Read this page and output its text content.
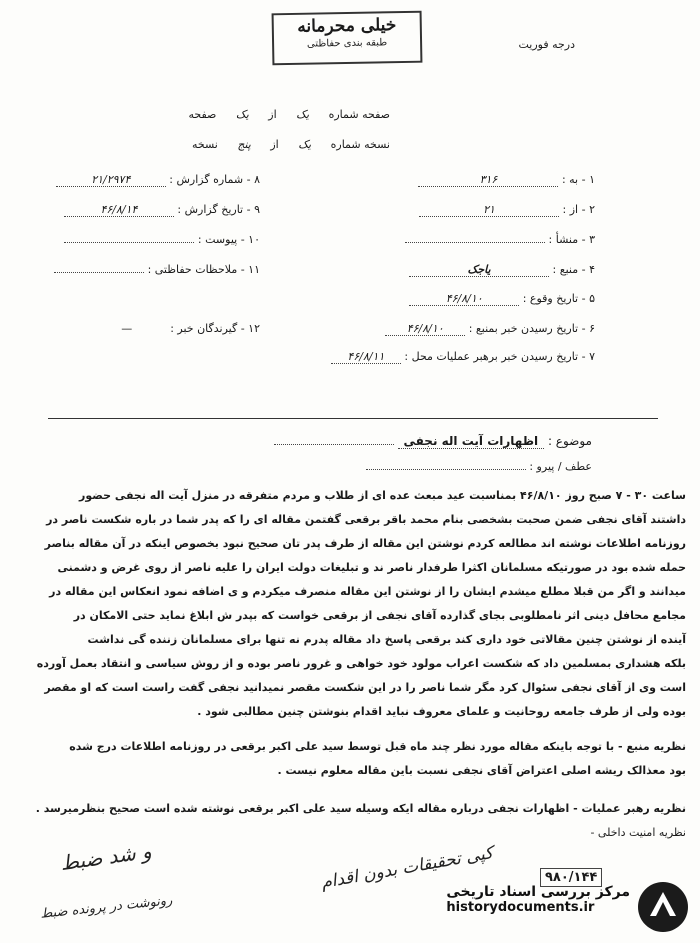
خیلی محرمانه
طبقه بندی حفاظتی	درجه فوریت
صفحه شماره یک از یک صفحه
نسخه شماره یک از پنج نسخه
۱ - به : ۳۱۶
۲ - از : ۲۱
۳ - منشأ :
۴ - منبع : یاجک
۵ - تاریخ وقوع : ۴۶/۸/۱۰
۶ - تاریخ رسیدن خبر بمنبع : ۴۶/۸/۱۰
۷ - تاریخ رسیدن خبر برهبر عملیات محل : ۴۶/۸/۱۱
۸ - شماره گزارش : ۲۱/۲۹۷۴
۹ - تاریخ گزارش : ۴۶/۸/۱۴
۱۰ - پیوست :
۱۱ - ملاحظات حفاظتی :
۱۲ - گیرندگان خبر : —
موضوع : اظهارات آیت اله نجفی
عطف / پیرو :
ساعت ۳۰ - ۷ صبح روز ۴۶/۸/۱۰ بمناسبت عید مبعث عده ای از طلاب و مردم متفرقه در منزل آیت اله نجفی حضور
داشتند آقای نجفی ضمن صحبت بشخصی بنام محمد باقر برقعی گفتمن مقاله ای را که پدر شما در باره شکست ناصر در
روزنامه اطلاعات نوشته اند مطالعه کردم نوشتن این مقاله از طرف پدر تان صحیح نبود بخصوص اینکه در آن مقاله بناصر
حمله شده بود در صورتیکه مسلمانان اکثرا طرفدار ناصر ند و تبلیغات دولت ایران را علیه ناصر از روی غرض و دشمنی
میدانند و اگر من قبلا مطلع میشدم ایشان را از نوشتن این مقاله منصرف میکردم و ی اضافه نمود انعکاس این مقاله در
مجامع محافل دینی اثر نامطلوبی بجای گذارده آقای نجفی از برقعی خواست که بپدر ش ابلاغ نماید حتی الامکان در
آینده از نوشتن چنین مقالاتی خود داری کند برقعی پاسخ داد مقاله پدرم نه تنها برای مسلمانان زننده گی نداشت
بلکه هشداری بمسلمین داد که شکست اعراب مولود خود خواهی و غرور ناصر بوده و از روش سیاسی و انتقاد بعمل آورده
است وی از آقای نجفی سئوال کرد مگر شما ناصر را در این شکست مقصر نمیدانید نجفی گفت راست است که او مقصر
بوده ولی از طرف جامعه روحانیت و علمای معروف نباید اقدام بنوشتن چنین مطالبی شود .
نظریه منبع - با توجه باینکه مقاله مورد نظر چند ماه قبل توسط سید علی اکبر برقعی در روزنامه اطلاعات درج شده
بود معذالک ریشه اصلی اعتراض آقای نجفی نسبت باین مقاله معلوم نیست .
نظریه رهبر عملیات - اظهارات نجفی درباره مقاله ایکه وسیله سید علی اکبر برقعی نوشته شده است صحیح بنظرمیرسد .
نظریه امنیت داخلی -
و شد ضبط
رونوشت در پرونده ضبط
کپی تحقیقات بدون اقدام	۹۸۰/۱۴۴
مرکز بررسی اسناد تاریخی
historydocuments.ir
